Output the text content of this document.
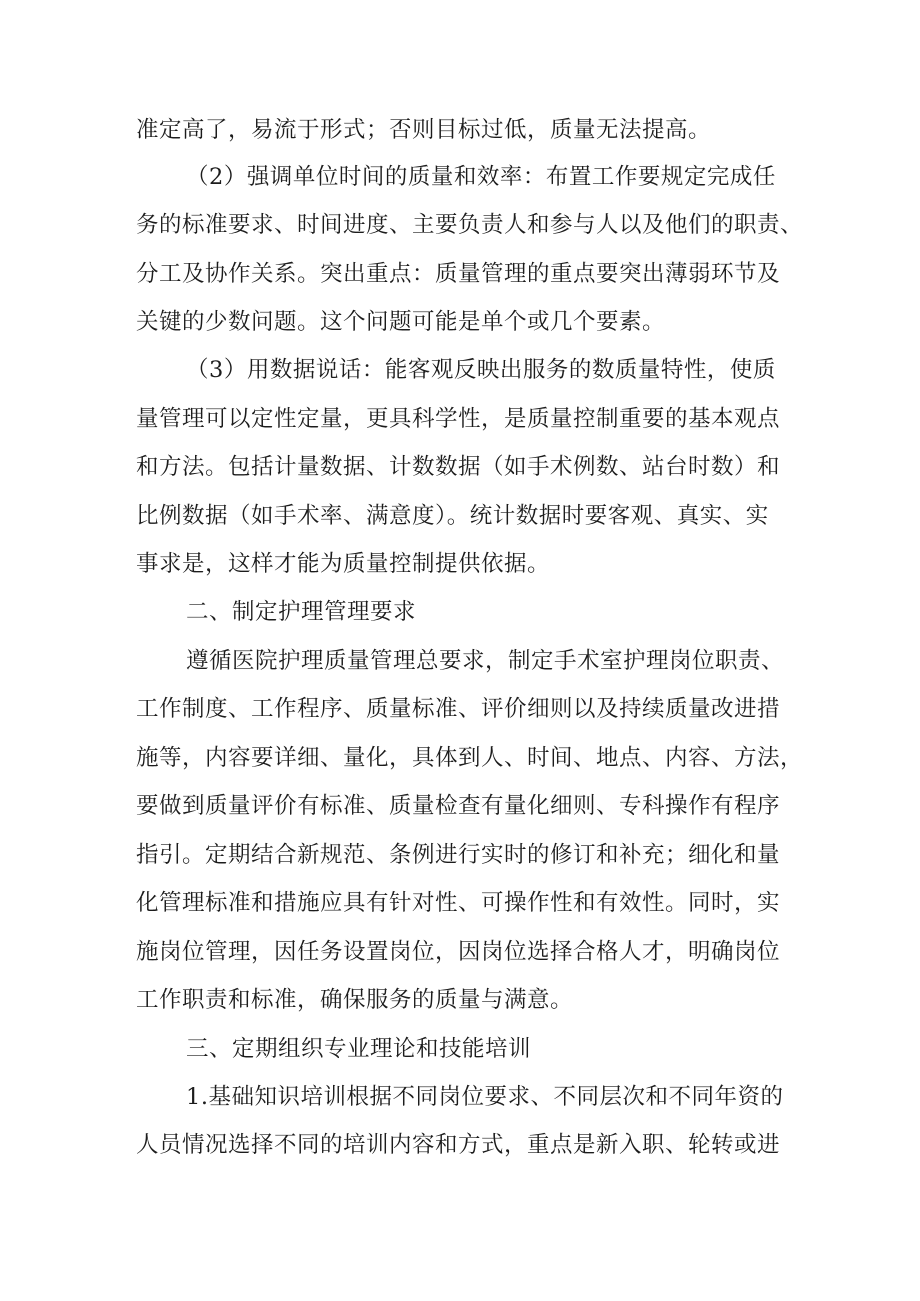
准定高了，易流于形式；否则目标过低，质量无法提高。
（2）强调单位时间的质量和效率：布置工作要规定完成任
务的标准要求、时间进度、主要负责人和参与人以及他们的职责、
分工及协作关系。突出重点：质量管理的重点要突出薄弱环节及
关键的少数问题。这个问题可能是单个或几个要素。
（3）用数据说话：能客观反映出服务的数质量特性，使质
量管理可以定性定量，更具科学性，是质量控制重要的基本观点
和方法。包括计量数据、计数数据（如手术例数、站台时数）和
比例数据（如手术率、满意度）。统计数据时要客观、真实、实
事求是，这样才能为质量控制提供依据。
二、制定护理管理要求
遵循医院护理质量管理总要求，制定手术室护理岗位职责、
工作制度、工作程序、质量标准、评价细则以及持续质量改进措
施等，内容要详细、量化，具体到人、时间、地点、内容、方法，
要做到质量评价有标准、质量检查有量化细则、专科操作有程序
指引。定期结合新规范、条例进行实时的修订和补充；细化和量
化管理标准和措施应具有针对性、可操作性和有效性。同时，实
施岗位管理，因任务设置岗位，因岗位选择合格人才，明确岗位
工作职责和标准，确保服务的质量与满意。
三、定期组织专业理论和技能培训
1.基础知识培训根据不同岗位要求、不同层次和不同年资的
人员情况选择不同的培训内容和方式，重点是新入职、轮转或进
